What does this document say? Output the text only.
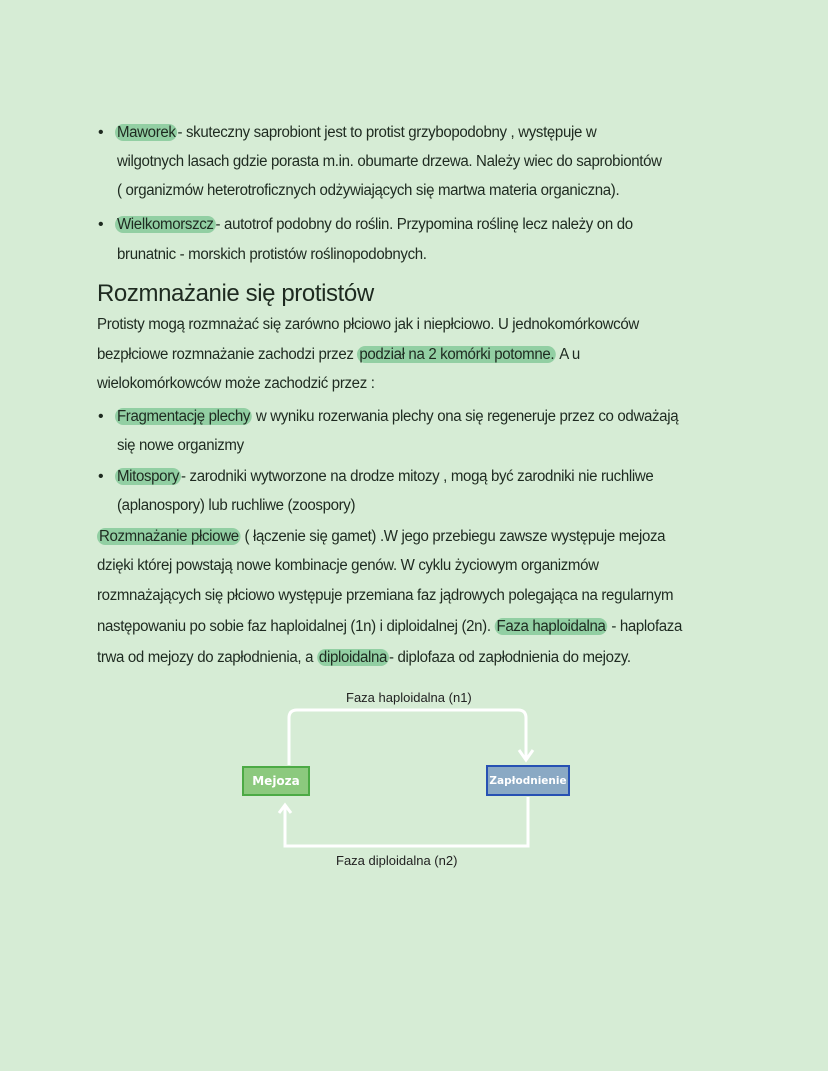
• Maworek - skuteczny saprobiont jest to protist grzybopodobny , występuje w
wilgotnych lasach gdzie porasta m.in. obumarte drzewa. Należy wiec do saprobiontów
( organizmów heterotroficznych odżywiających się martwa materia organiczna).
• Wielkomorszcz - autotrof podobny do roślin. Przypomina roślinę lecz należy on do
brunatnic - morskich protistów roślinopodobnych.
Protisty mogą rozmnażać się zarówno płciowo jak i niepłciowo. U jednokomórkowców
bezpłciowe rozmnażanie zachodzi przez podział na 2 komórki potomne. A u
wielokomórkowców może zachodzić przez :
• Fragmentację plechy w wyniku rozerwania plechy ona się regeneruje przez co odważają
się nowe organizmy
• Mitospory - zarodniki wytworzone na drodze mitozy , mogą być zarodniki nie ruchliwe
(aplanospory) lub ruchliwe (zoospory)
Rozmnażanie płciowe ( łączenie się gamet) .W jego przebiegu zawsze występuje mejoza
dzięki której powstają nowe kombinacje genów. W cyklu życiowym organizmów
rozmnażających się płciowo występuje przemiana faz jądrowych polegająca na regularnym
następowaniu po sobie faz haploidalnej (1n) i diploidalnej (2n). Faza haploidalna - haplofaza
trwa od mejozy do zapłodnienia, a diploidalna - diplofaza od zapłodnienia do mejozy.
Rozmnażanie się protistów
Faza haploidalna (n1)
Faza diploidalna (n2)
Mejoza	Zapłodnienie
